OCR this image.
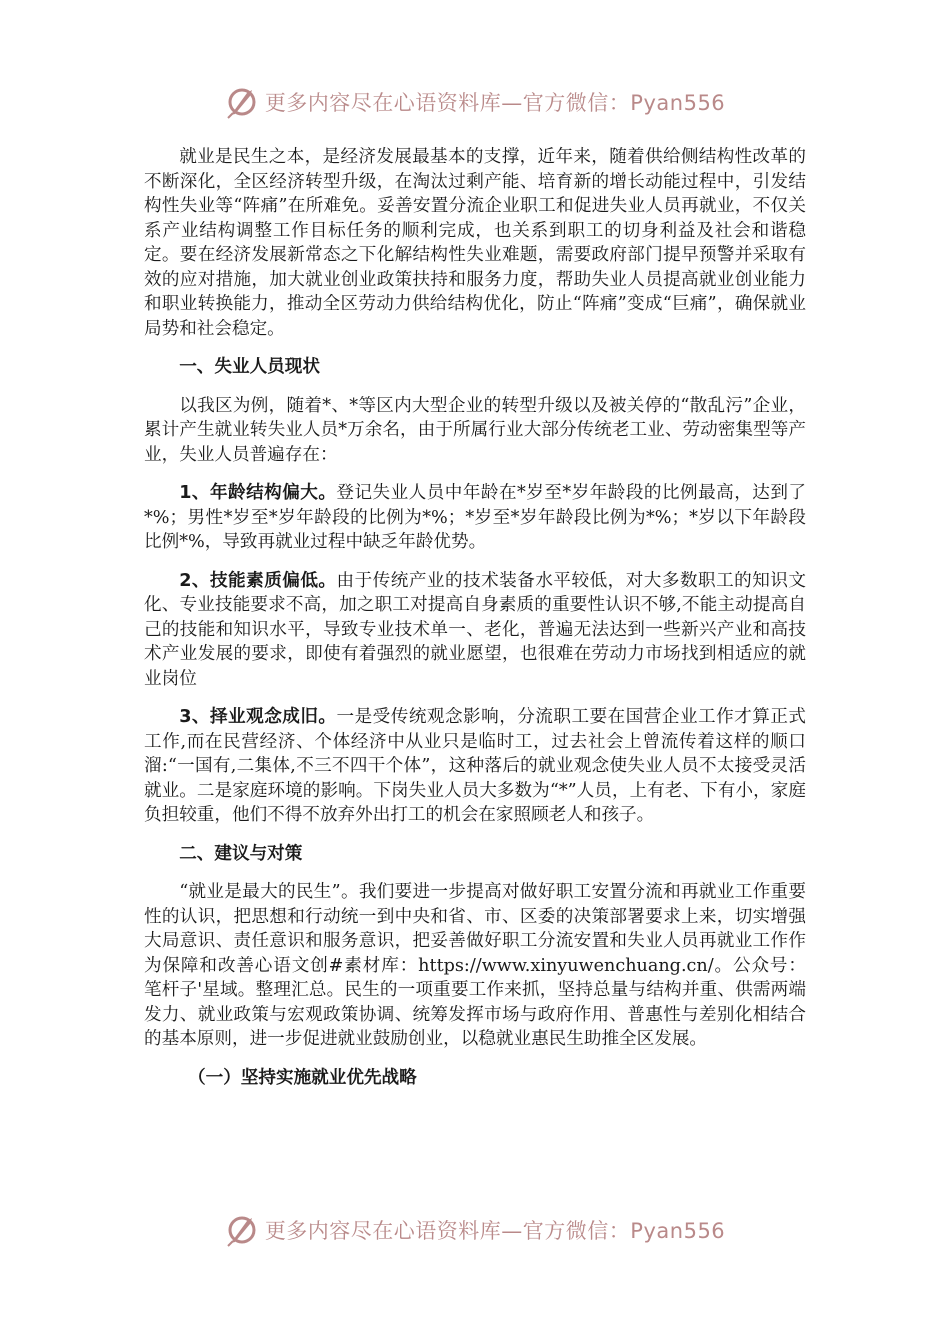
更多内容尽在心语资料库—官方微信：Pyan556

就业是民生之本，是经济发展最基本的支撑，近年来，随着供给侧结构性改革的不断深化，全区经济转型升级，在淘汰过剩产能、培育新的增长动能过程中，引发结构性失业等“阵痛”在所难免。妥善安置分流企业职工和促进失业人员再就业，不仅关系产业结构调整工作目标任务的顺利完成，也关系到职工的切身利益及社会和谐稳定。要在经济发展新常态之下化解结构性失业难题，需要政府部门提早预警并采取有效的应对措施，加大就业创业政策扶持和服务力度，帮助失业人员提高就业创业能力和职业转换能力，推动全区劳动力供给结构优化，防止“阵痛”变成“巨痛”，确保就业局势和社会稳定。

一、失业人员现状

以我区为例，随着*、*等区内大型企业的转型升级以及被关停的“散乱污”企业，累计产生就业转失业人员*万余名，由于所属行业大部分传统老工业、劳动密集型等产业，失业人员普遍存在：

1、年龄结构偏大。登记失业人员中年龄在*岁至*岁年龄段的比例最高，达到了*%；男性*岁至*岁年龄段的比例为*%；*岁至*岁年龄段比例为*%；*岁以下年龄段比例*%，导致再就业过程中缺乏年龄优势。

2、技能素质偏低。由于传统产业的技术装备水平较低，对大多数职工的知识文化、专业技能要求不高，加之职工对提高自身素质的重要性认识不够,不能主动提高自己的技能和知识水平，导致专业技术单一、老化，普遍无法达到一些新兴产业和高技术产业发展的要求，即使有着强烈的就业愿望，也很难在劳动力市场找到相适应的就业岗位

3、择业观念成旧。一是受传统观念影响，分流职工要在国营企业工作才算正式工作,而在民营经济、个体经济中从业只是临时工，过去社会上曾流传着这样的顺口溜:“一国有,二集体,不三不四干个体”，这种落后的就业观念使失业人员不太接受灵活就业。二是家庭环境的影响。下岗失业人员大多数为“*”人员，上有老、下有小，家庭负担较重，他们不得不放弃外出打工的机会在家照顾老人和孩子。

二、建议与对策

“就业是最大的民生”。我们要进一步提高对做好职工安置分流和再就业工作重要性的认识，把思想和行动统一到中央和省、市、区委的决策部署要求上来，切实增强大局意识、责任意识和服务意识，把妥善做好职工分流安置和失业人员再就业工作作为保障和改善心语文创#素材库：https://www.xinyuwenchuang.cn/。公众号：笔杆子'星域。整理汇总。民生的一项重要工作来抓，坚持总量与结构并重、供需两端发力、就业政策与宏观政策协调、统筹发挥市场与政府作用、普惠性与差别化相结合的基本原则，进一步促进就业鼓励创业，以稳就业惠民生助推全区发展。

（一）坚持实施就业优先战略
更多内容尽在心语资料库—官方微信：Pyan556
